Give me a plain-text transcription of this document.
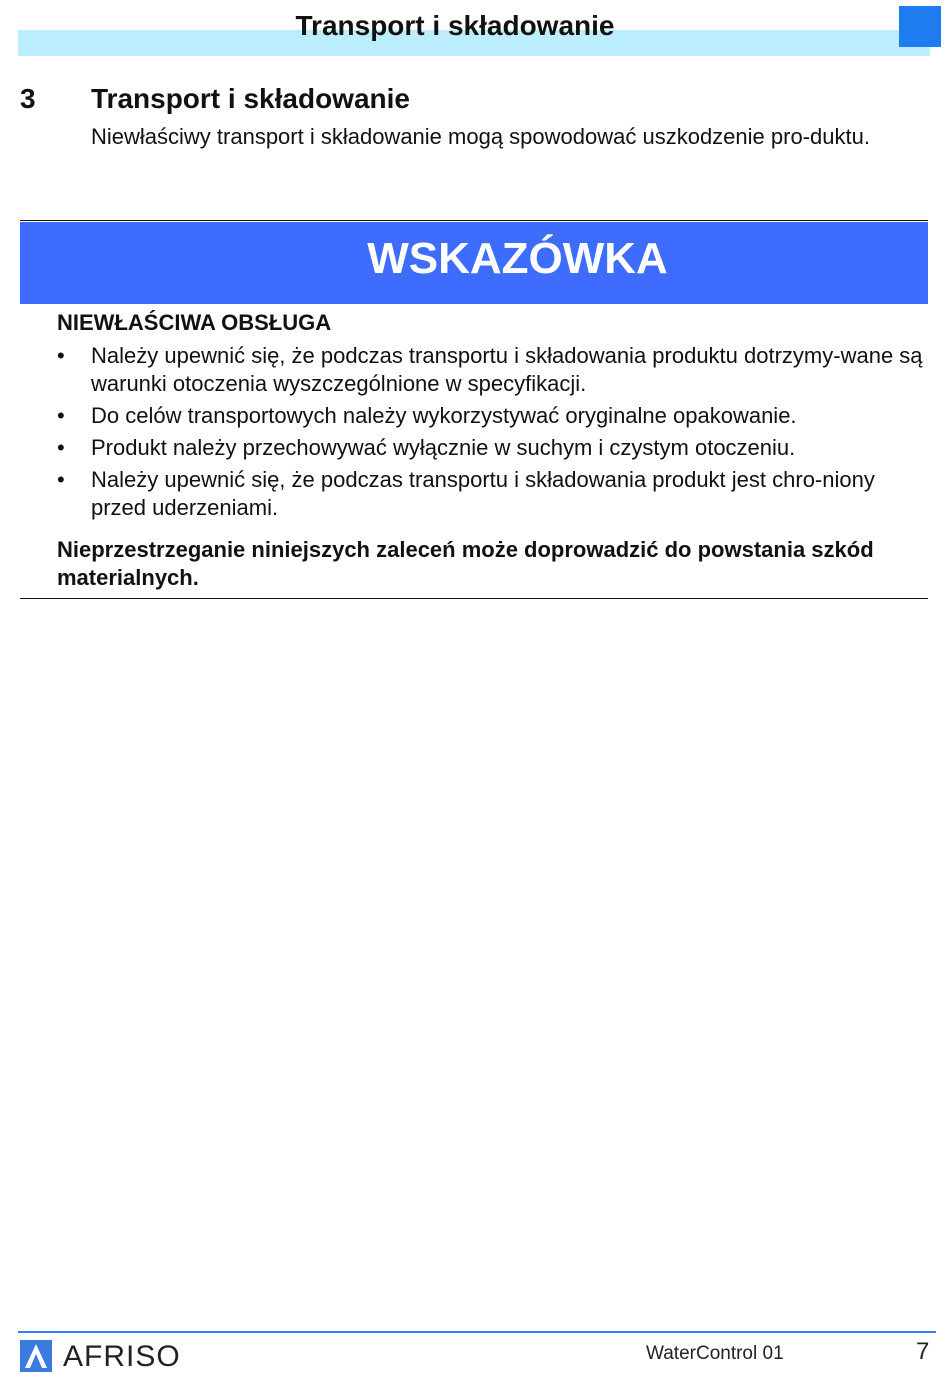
Transport i składowanie
3 Transport i składowanie
Niewłaściwy transport i składowanie mogą spowodować uszkodzenie pro-duktu.
WSKAZÓWKA
NIEWŁAŚCIWA OBSŁUGA
•	Należy upewnić się, że podczas transportu i składowania produktu dotrzymy-wane są warunki otoczenia wyszczególnione w specyfikacji.
•	Do celów transportowych należy wykorzystywać oryginalne opakowanie.
•	Produkt należy przechowywać wyłącznie w suchym i czystym otoczeniu.
•	Należy upewnić się, że podczas transportu i składowania produkt jest chro-niony przed uderzeniami.
Nieprzestrzeganie niniejszych zaleceń może doprowadzić do powstania szkód materialnych.
AFRISO	WaterControl 01	7
